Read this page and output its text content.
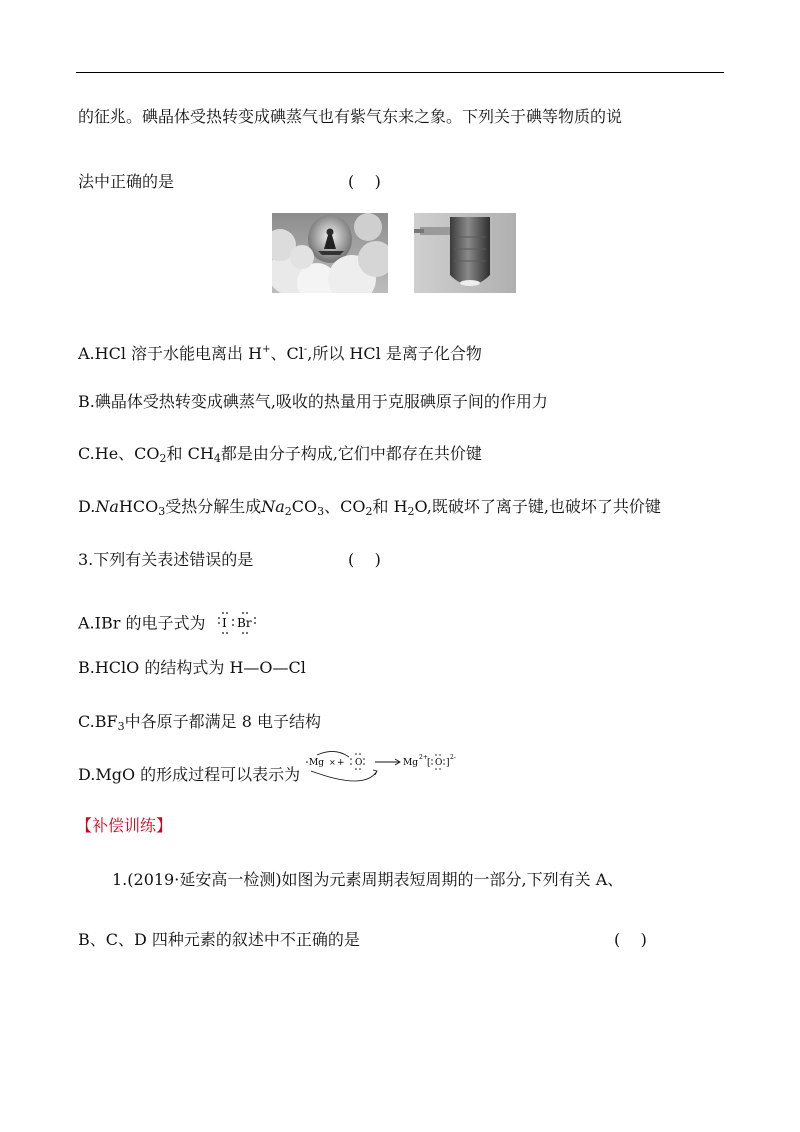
的征兆。碘晶体受热转变成碘蒸气也有紫气东来之象。下列关于碘等物质的说
法中正确的是	(    )
A.HCl 溶于水能电离出 H+、Cl-,所以 HCl 是离子化合物
B.碘晶体受热转变成碘蒸气,吸收的热量用于克服碘原子间的作用力
C.He、$CO_2$和 $CH_4$都是由分子构成,它们中都存在共价键
D.NaHCO$_3$受热分解生成$Na_2CO_3$、$CO_2$和 $H_2O$,既破坏了离子键,也破坏了共价键
3.下列有关表述错误的是	(    )
A.IBr 的电子式为 I Br
B.HClO 的结构式为 H—O—Cl
$C.BF_3$中各原子都满足 8 电子结构
D.MgO 的形成过程可以表示为
Mg × + O	Mg
2+
[ O ]
2-
【补偿训练】
1.(2019·延安高一检测)如图为元素周期表短周期的一部分,下列有关 A、
B、C、D 四种元素的叙述中不正确的是	(    )
